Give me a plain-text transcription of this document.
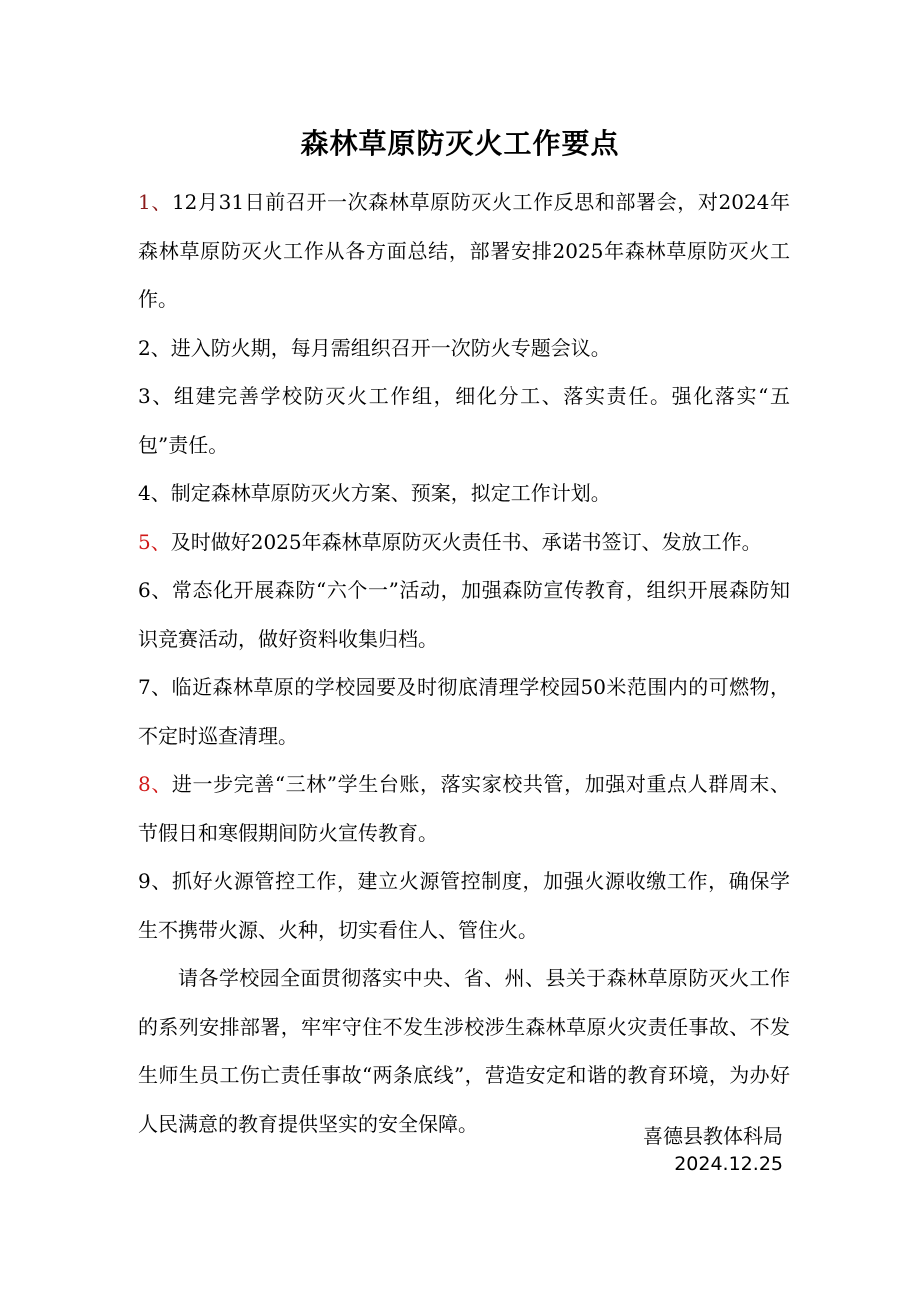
森林草原防灭火工作要点

1、12月31日前召开一次森林草原防灭火工作反思和部署会，对2024年森林草原防灭火工作从各方面总结，部署安排2025年森林草原防灭火工作。

2、进入防火期，每月需组织召开一次防火专题会议。

3、组建完善学校防灭火工作组，细化分工、落实责任。强化落实“五包”责任。

4、制定森林草原防灭火方案、预案，拟定工作计划。

5、及时做好2025年森林草原防灭火责任书、承诺书签订、发放工作。

6、常态化开展森防“六个一”活动，加强森防宣传教育，组织开展森防知识竞赛活动，做好资料收集归档。

7、临近森林草原的学校园要及时彻底清理学校园50米范围内的可燃物，不定时巡查清理。

8、进一步完善“三林”学生台账，落实家校共管，加强对重点人群周末、节假日和寒假期间防火宣传教育。

9、抓好火源管控工作，建立火源管控制度，加强火源收缴工作，确保学生不携带火源、火种，切实看住人、管住火。

请各学校园全面贯彻落实中央、省、州、县关于森林草原防灭火工作的系列安排部署，牢牢守住不发生涉校涉生森林草原火灾责任事故、不发生师生员工伤亡责任事故“两条底线”，营造安定和谐的教育环境，为办好人民满意的教育提供坚实的安全保障。

喜德县教体科局
2024.12.25
